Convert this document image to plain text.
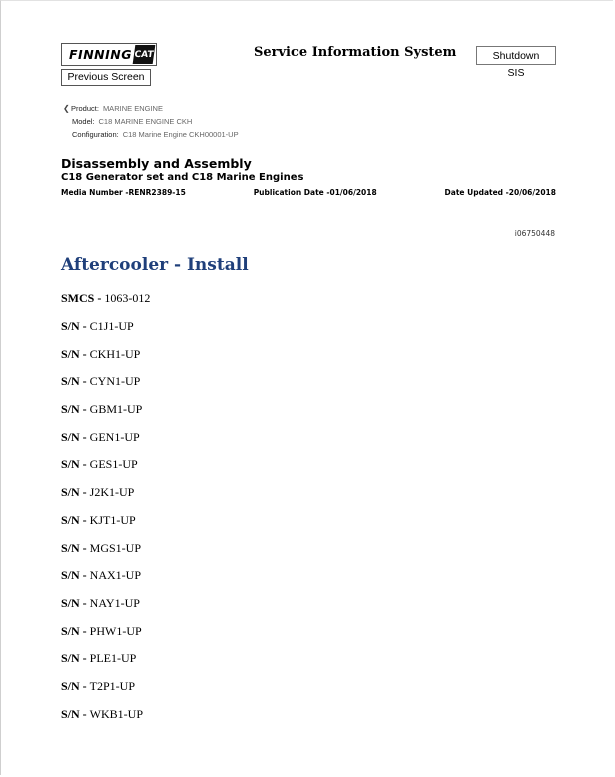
FINNING CAT
Previous Screen
Service Information System	Shutdown SIS
❮ Product: MARINE ENGINE
Model: C18 MARINE ENGINE CKH
Configuration: C18 Marine Engine CKH00001-UP
Disassembly and Assembly
C18 Generator set and C18 Marine Engines
Media Number -RENR2389-15	Publication Date -01/06/2018	Date Updated -20/06/2018
i06750448
Aftercooler - Install
SMCS - 1063-012
S/N - C1J1-UP
S/N - CKH1-UP
S/N - CYN1-UP
S/N - GBM1-UP
S/N - GEN1-UP
S/N - GES1-UP
S/N - J2K1-UP
S/N - KJT1-UP
S/N - MGS1-UP
S/N - NAX1-UP
S/N - NAY1-UP
S/N - PHW1-UP
S/N - PLE1-UP
S/N - T2P1-UP
S/N - WKB1-UP
